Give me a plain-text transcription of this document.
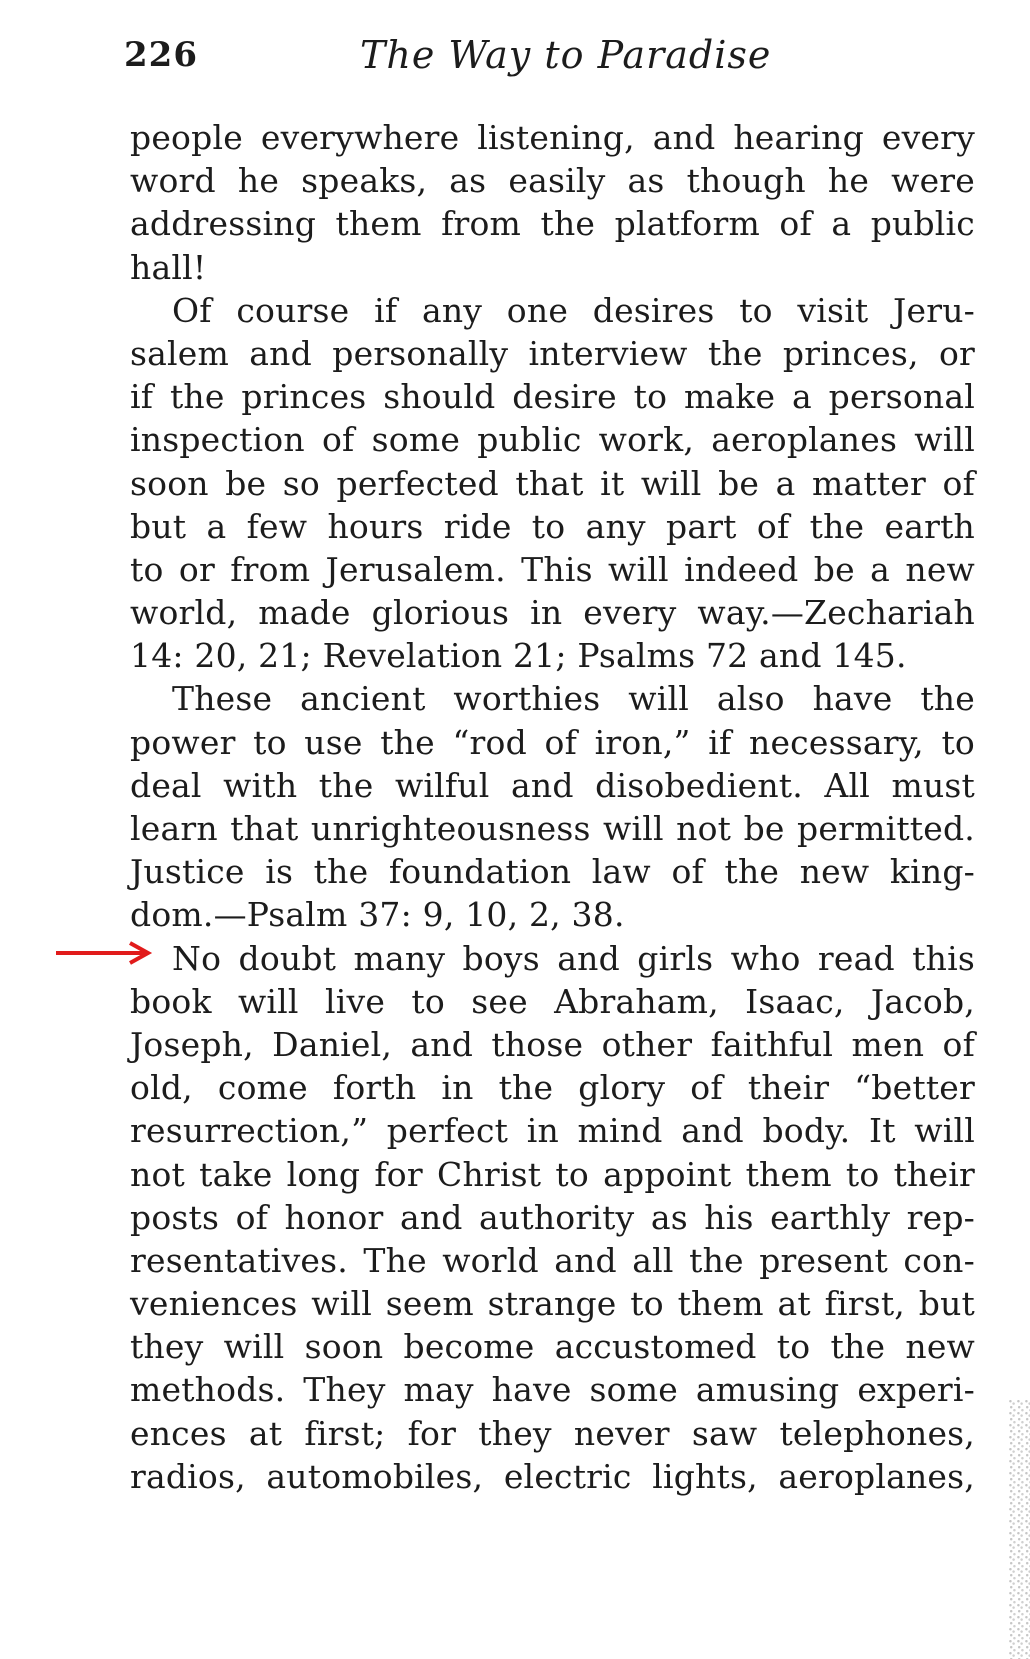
226	The Way to Paradise
people everywhere listening, and hearing every
word he speaks, as easily as though he were
addressing them from the platform of a public
hall!
Of course if any one desires to visit Jeru-
salem and personally interview the princes, or
if the princes should desire to make a personal
inspection of some public work, aeroplanes will
soon be so perfected that it will be a matter of
but a few hours ride to any part of the earth
to or from Jerusalem. This will indeed be a new
world, made glorious in every way.—Zechariah
14: 20, 21; Revelation 21; Psalms 72 and 145.
These ancient worthies will also have the
power to use the “rod of iron,” if necessary, to
deal with the wilful and disobedient. All must
learn that unrighteousness will not be permitted.
Justice is the foundation law of the new king-
dom.—Psalm 37: 9, 10, 2, 38.
No doubt many boys and girls who read this
book will live to see Abraham, Isaac, Jacob,
Joseph, Daniel, and those other faithful men of
old, come forth in the glory of their “better
resurrection,” perfect in mind and body. It will
not take long for Christ to appoint them to their
posts of honor and authority as his earthly rep-
resentatives. The world and all the present con-
veniences will seem strange to them at first, but
they will soon become accustomed to the new
methods. They may have some amusing experi-
ences at first; for they never saw telephones,
radios, automobiles, electric lights, aeroplanes,
